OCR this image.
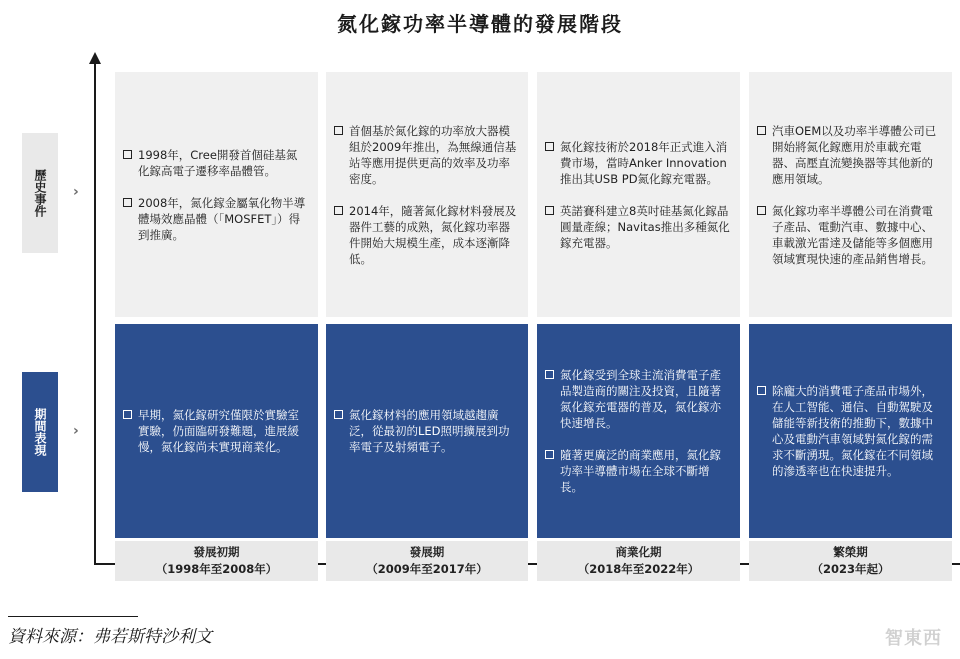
氮化鎵功率半導體的發展階段
歷史事件	›
期間表現	›
1998年，Cree開發首個硅基氮化鎵高電子遷移率晶體管。
2008年，氮化鎵金屬氧化物半導體場效應晶體（「MOSFET」）得到推廣。
早期，氮化鎵研究僅限於實驗室實驗，仍面臨研發難題，進展緩慢，氮化鎵尚未實現商業化。
發展初期
（1998年至2008年）
首個基於氮化鎵的功率放大器模組於2009年推出，為無線通信基站等應用提供更高的效率及功率密度。
2014年，隨著氮化鎵材料發展及器件工藝的成熟，氮化鎵功率器件開始大規模生產，成本逐漸降低。
氮化鎵材料的應用領域越趨廣泛，從最初的LED照明擴展到功率電子及射頻電子。
發展期
（2009年至2017年）
氮化鎵技術於2018年正式進入消費市場，當時Anker Innovation推出其USB PD氮化鎵充電器。
英諾賽科建立8英吋硅基氮化鎵晶圓量產線；Navitas推出多種氮化鎵充電器。
氮化鎵受到全球主流消費電子產品製造商的關注及投資，且隨著氮化鎵充電器的普及，氮化鎵亦快速增長。
隨著更廣泛的商業應用，氮化鎵功率半導體市場在全球不斷增長。
商業化期
（2018年至2022年）
汽車OEM以及功率半導體公司已開始將氮化鎵應用於車載充電器、高壓直流變換器等其他新的應用領域。
氮化鎵功率半導體公司在消費電子產品、電動汽車、數據中心、車載激光雷達及儲能等多個應用領域實現快速的產品銷售增長。
除龐大的消費電子產品市場外，在人工智能、通信、自動駕駛及儲能等新技術的推動下，數據中心及電動汽車領域對氮化鎵的需求不斷湧現。氮化鎵在不同領域的滲透率也在快速提升。
繁榮期
（2023年起）
資料來源：弗若斯特沙利文	智東西
